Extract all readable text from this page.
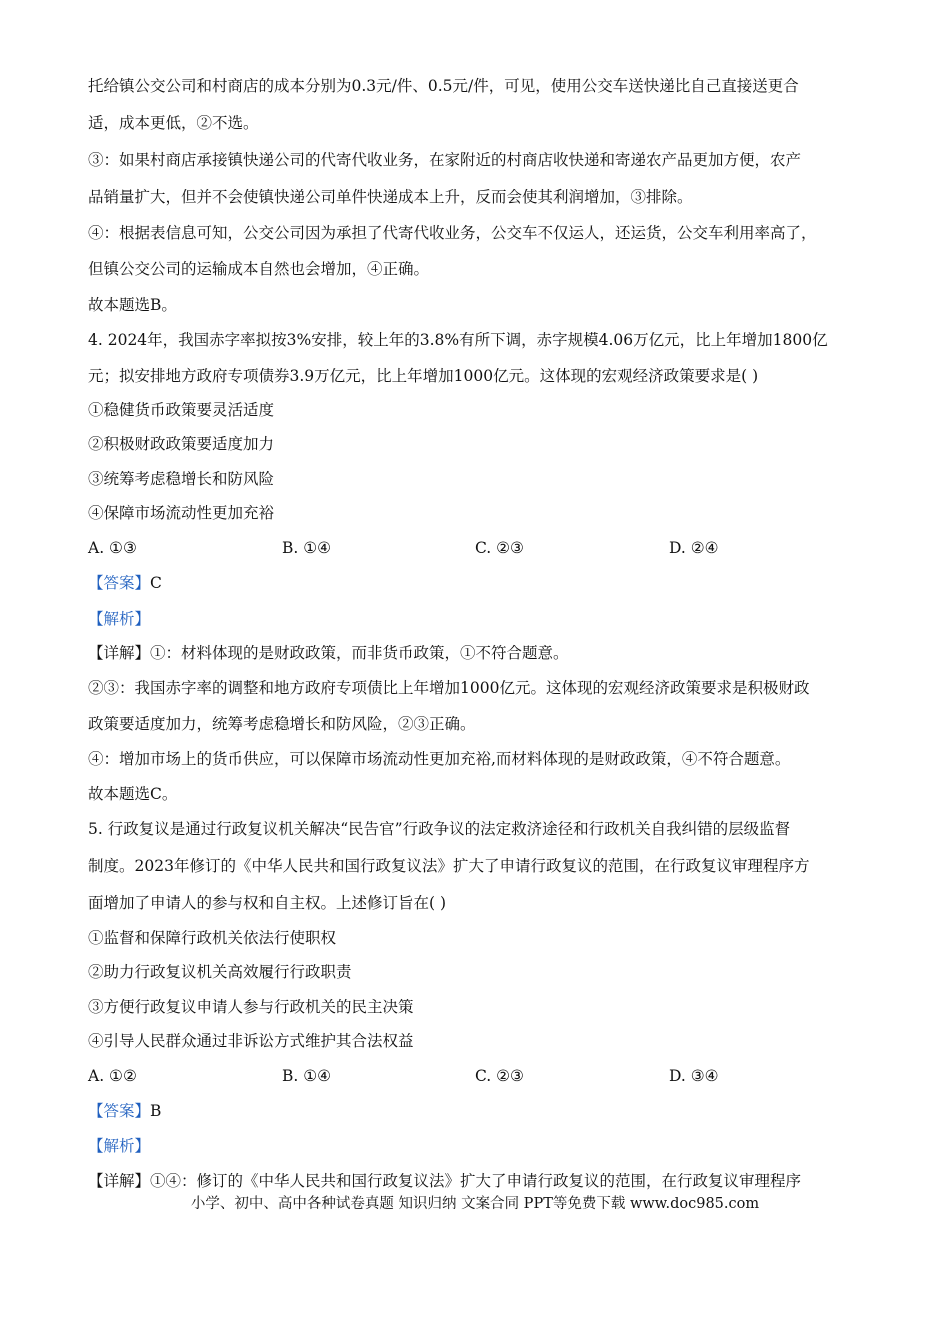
托给镇公交公司和村商店的成本分别为0.3元/件、0.5元/件，可见，使用公交车送快递比自己直接送更合
适，成本更低，②不选。
③：如果村商店承接镇快递公司的代寄代收业务，在家附近的村商店收快递和寄递农产品更加方便，农产
品销量扩大，但并不会使镇快递公司单件快递成本上升，反而会使其利润增加，③排除。
④：根据表信息可知，公交公司因为承担了代寄代收业务，公交车不仅运人，还运货，公交车利用率高了，
但镇公交公司的运输成本自然也会增加，④正确。
故本题选B。
4. 2024年，我国赤字率拟按3%安排，较上年的3.8%有所下调，赤字规模4.06万亿元，比上年增加1800亿
元；拟安排地方政府专项债券3.9万亿元，比上年增加1000亿元。这体现的宏观经济政策要求是( )
①稳健货币政策要灵活适度
②积极财政政策要适度加力
③统筹考虑稳增长和防风险
④保障市场流动性更加充裕
A. ①③	B. ①④	C. ②③	D. ②④
【答案】C
【解析】
【详解】①：材料体现的是财政政策，而非货币政策，①不符合题意。
②③：我国赤字率的调整和地方政府专项债比上年增加1000亿元。这体现的宏观经济政策要求是积极财政
政策要适度加力，统筹考虑稳增长和防风险，②③正确。
④：增加市场上的货币供应，可以保障市场流动性更加充裕,而材料体现的是财政政策，④不符合题意。
故本题选C。
5. 行政复议是通过行政复议机关解决“民告官”行政争议的法定救济途径和行政机关自我纠错的层级监督
制度。2023年修订的《中华人民共和国行政复议法》扩大了申请行政复议的范围，在行政复议审理程序方
面增加了申请人的参与权和自主权。上述修订旨在( )
①监督和保障行政机关依法行使职权
②助力行政复议机关高效履行行政职责
③方便行政复议申请人参与行政机关的民主决策
④引导人民群众通过非诉讼方式维护其合法权益
A. ①②	B. ①④	C. ②③	D. ③④
【答案】B
【解析】
【详解】①④：修订的《中华人民共和国行政复议法》扩大了申请行政复议的范围，在行政复议审理程序
小学、初中、高中各种试卷真题 知识归纳 文案合同 PPT等免费下载 www.doc985.com
